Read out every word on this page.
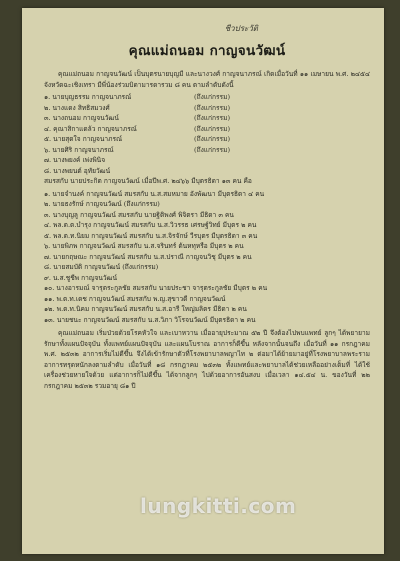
ชีวประวัติ
คุณแม่ถนอม กาญจนวัฒน์

คุณแม่ถนอม กาญจนวัฒน์ เป็นบุตรนายบุญมี และนางวงศ์ กาญจนาภรณ์ เกิดเมื่อวันที่ ๑๑ เมษายน พ.ศ. ๒๔๕๔ จังหวัดฉะเชิงเทรา มีพี่น้องร่วมบิดามารดารวม ๘ คน ตามลำดับดังนี้

๑. นายบุญธรรม กาญจนาภรณ์	(ถึงแก่กรรม)
๒. นางแดง สิทธิสมวงศ์	(ถึงแก่กรรม)
๓. นางถนอม กาญจนวัฒน์	(ถึงแก่กรรม)
๔. คุณาสิกาแดล้ว กาญจนาภรณ์	(ถึงแก่กรรม)
๕. นายสุดใจ กาญจนาภรณ์	(ถึงแก่กรรม)
๖. นายศิริ กาญจนาภรณ์	(ถึงแก่กรรม)
๗. นางพยงค์ เพ่งพินิจ
๘. นางพยนต์ อุทัยวัฒน์

สมรสกับ นายประกิต กาญจนวัฒน์ เมื่อปีพ.ศ. ๒๔๖๖ มีบุตรธิดา ๑๓ คน คือ

๑. นายจำนงค์ กาญจนวัฒน์ สมรสกับ น.ส.สมหมาย อังพัฒนา มีบุตรธิดา ๔ คน
๒. นายธงรักษ์ กาญจนวัฒน์ (ถึงแก่กรรม)
๓. นางบุญลู กาญจนวัฒน์ สมรสกับ นายฐิติพงศ์ พิจิตรา มีธิดา ๓ คน
๔. พล.ต.ต.บำรุง กาญจนวัฒน์ สมรสกับ น.ส.วิวรรธ เศรษฐ์วิทย์ มีบุตร ๒ คน
๕. พล.ต.ท.นิยม กาญจนวัฒน์ สมรสกับ น.ส.จิรจักษ์ วีรบุตร มีบุตรธิดา ๓ คน
๖. นายพิภพ กาญจนวัฒน์ สมรสกับ น.ส.จรินทร์ ต้นหทุหรือ มีบุตร ๒ คน
๗. นายกฤษณะ กาญจนวัฒน์ สมรสกับ น.ส.ปราณี กาญจนวิชุ มีบุตร ๒ คน
๘. นายสมบัติ กาญจนวัฒน์ (ถึงแก่กรรม)
๙. น.ส.ชูชีพ กาญจนวัฒน์
๑๐. นางอารมณ์ จารุตระกูลชัย สมรสกับ นายประชา จารุตระกูลชัย มีบุตร ๒ คน
๑๑. พ.ต.ท.เดช กาญจนวัฒน์ สมรสกับ พ.ญ.สุขาวดี กาญจนวัฒน์
๑๒. พ.ต.ท.นิคม กาญจนวัฒน์ สมรสกับ น.ส.อารี ใหญ่มลิตร มีธิดา ๒ คน
๑๓. นายชนะ กาญจนวัฒน์ สมรสกับ น.ส.วิภา วิโรจนวัฒน์ มีบุตรธิดา ๒ คน

คุณแม่ถนอม เริ่มป่วยด้วยโรคหัวใจ และเบาหวาน เมื่ออายุประมาณ ๕๒ ปี จึงต้องไปพบแพทย์ ลูกๆ ได้พยายามรักษาทั้งแผนปัจจุบัน ทั้งแพทย์แผนปัจจุบัน และแผนโบราณ อาการก็ดีขึ้น หลังจากนั้นจนถึง เมื่อวันที่ ๑๑ กรกฎาคม พ.ศ. ๒๕๓๒ อาการเริ่มไม่ดีขึ้น จึงได้เข้ารักษาตัวที่โรงพยาบาลพญาไท ๒ ต่อมาได้ย้ายมาอยู่ที่โรงพยาบาลพระราม อาการทรุดหนักลงตามลำดับ เมื่อวันที่ ๑๘ กรกฎาคม ๒๕๓๒ ทั้งแพทย์และพยาบาลได้ช่วยเหลืออย่างเต็มที่ ได้ใช้เครื่องช่วยหายใจด้วย แต่อาการก็ไม่ดีขึ้น ได้จากลูกๆ ไปด้วยอาการอันสงบ เมื่อเวลา ๑๔.๕๔ น. ของวันที่ ๒๒ กรกฎาคม ๒๕๓๒ รวมอายุ ๘๑ ปี

lungkitti.com
